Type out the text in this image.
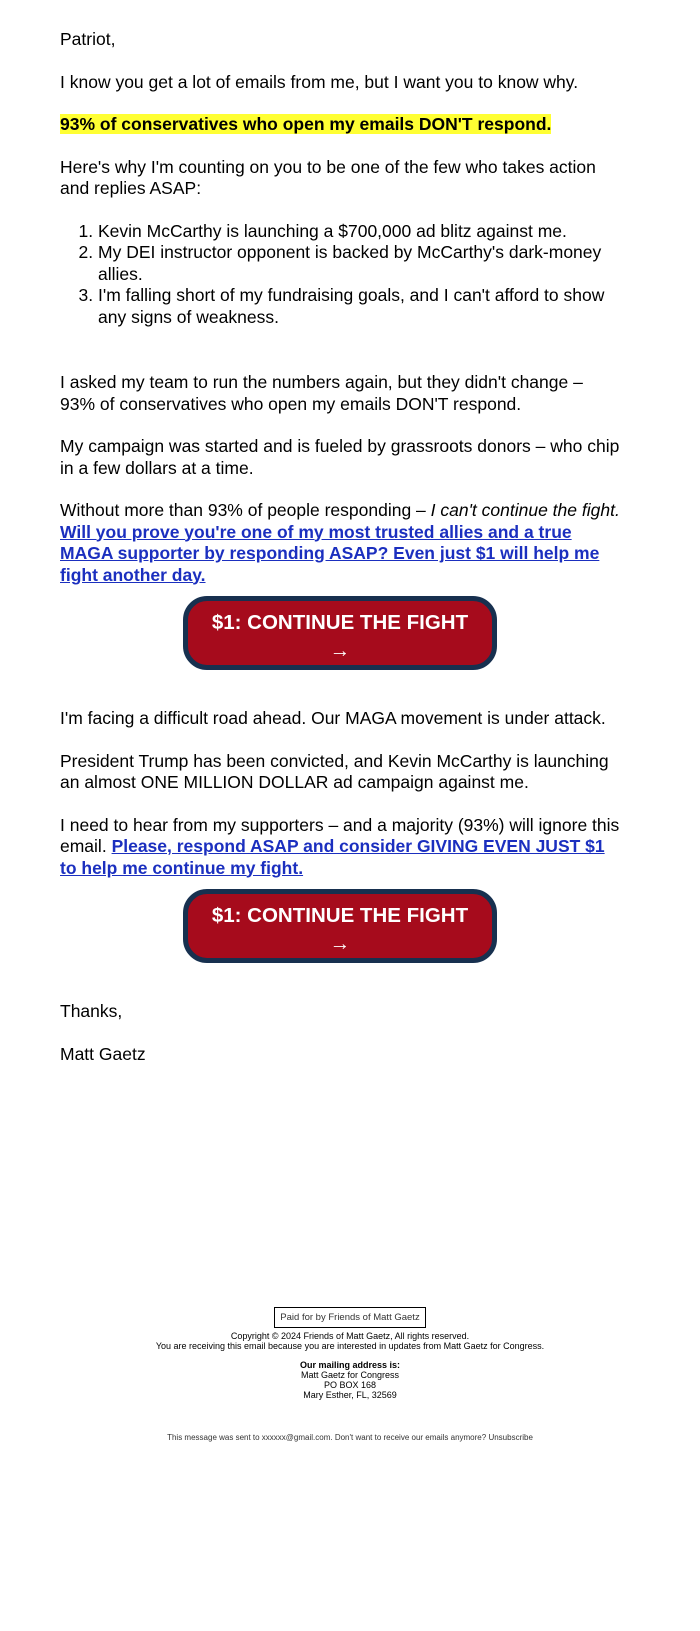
Patriot,

I know you get a lot of emails from me, but I want you to know why.

93% of conservatives who open my emails DON'T respond.

Here's why I'm counting on you to be one of the few who takes action and replies ASAP:

1. Kevin McCarthy is launching a $700,000 ad blitz against me.
2. My DEI instructor opponent is backed by McCarthy's dark-money allies.
3. I'm falling short of my fundraising goals, and I can't afford to show any signs of weakness.

I asked my team to run the numbers again, but they didn't change – 93% of conservatives who open my emails DON'T respond.

My campaign was started and is fueled by grassroots donors – who chip in a few dollars at a time.

Without more than 93% of people responding – I can't continue the fight. Will you prove you're one of my most trusted allies and a true MAGA supporter by responding ASAP? Even just $1 will help me fight another day.

$1: CONTINUE THE FIGHT
→

I'm facing a difficult road ahead. Our MAGA movement is under attack.

President Trump has been convicted, and Kevin McCarthy is launching an almost ONE MILLION DOLLAR ad campaign against me.

I need to hear from my supporters – and a majority (93%) will ignore this email. Please, respond ASAP and consider GIVING EVEN JUST $1 to help me continue my fight.

$1: CONTINUE THE FIGHT
→

Thanks,

Matt Gaetz

Paid for by Friends of Matt Gaetz
Copyright © 2024 Friends of Matt Gaetz, All rights reserved.
You are receiving this email because you are interested in updates from Matt Gaetz for Congress.
Our mailing address is:
Matt Gaetz for Congress
PO BOX 168
Mary Esther, FL, 32569
This message was sent to xxxxxx@gmail.com. Don't want to receive our emails anymore? Unsubscribe
